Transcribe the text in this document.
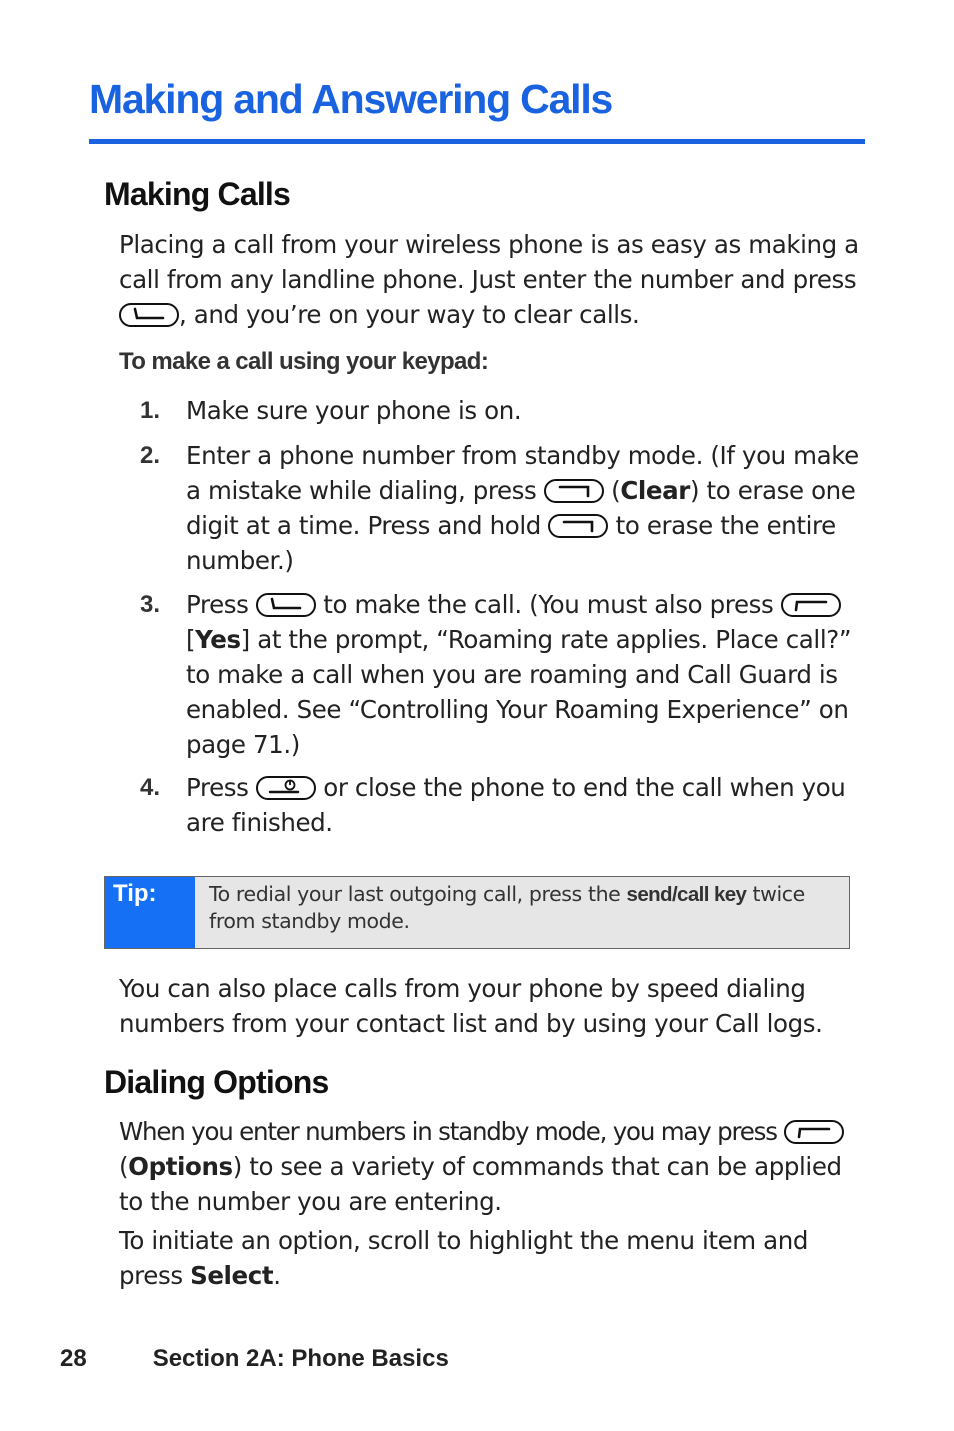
Making and Answering Calls
Making Calls

Placing a call from your wireless phone is as easy as making a call from any landline phone. Just enter the number and press
, and you’re on your way to clear calls.

To make a call using your keypad:

1. Make sure your phone is on.
2. Enter a phone number from standby mode. (If you make a mistake while dialing, press	(Clear) to erase one digit at a time. Press and hold	to erase the entire number.)
3. Press	to make the call. (You must also press
[Yes] at the prompt, “Roaming rate applies. Place call?” to make a call when you are roaming and Call Guard is enabled. See “Controlling Your Roaming Experience” on page 71.)
4. Press	or close the phone to end the call when you are finished.
Tip:	To redial your last outgoing call, press the send/call key twice from standby mode.

You can also place calls from your phone by speed dialing numbers from your contact list and by using your Call logs.

Dialing Options

When you enter numbers in standby mode, you may press
(Options) to see a variety of commands that can be applied to the number you are entering.

To initiate an option, scroll to highlight the menu item and press Select.

28	Section 2A: Phone Basics
